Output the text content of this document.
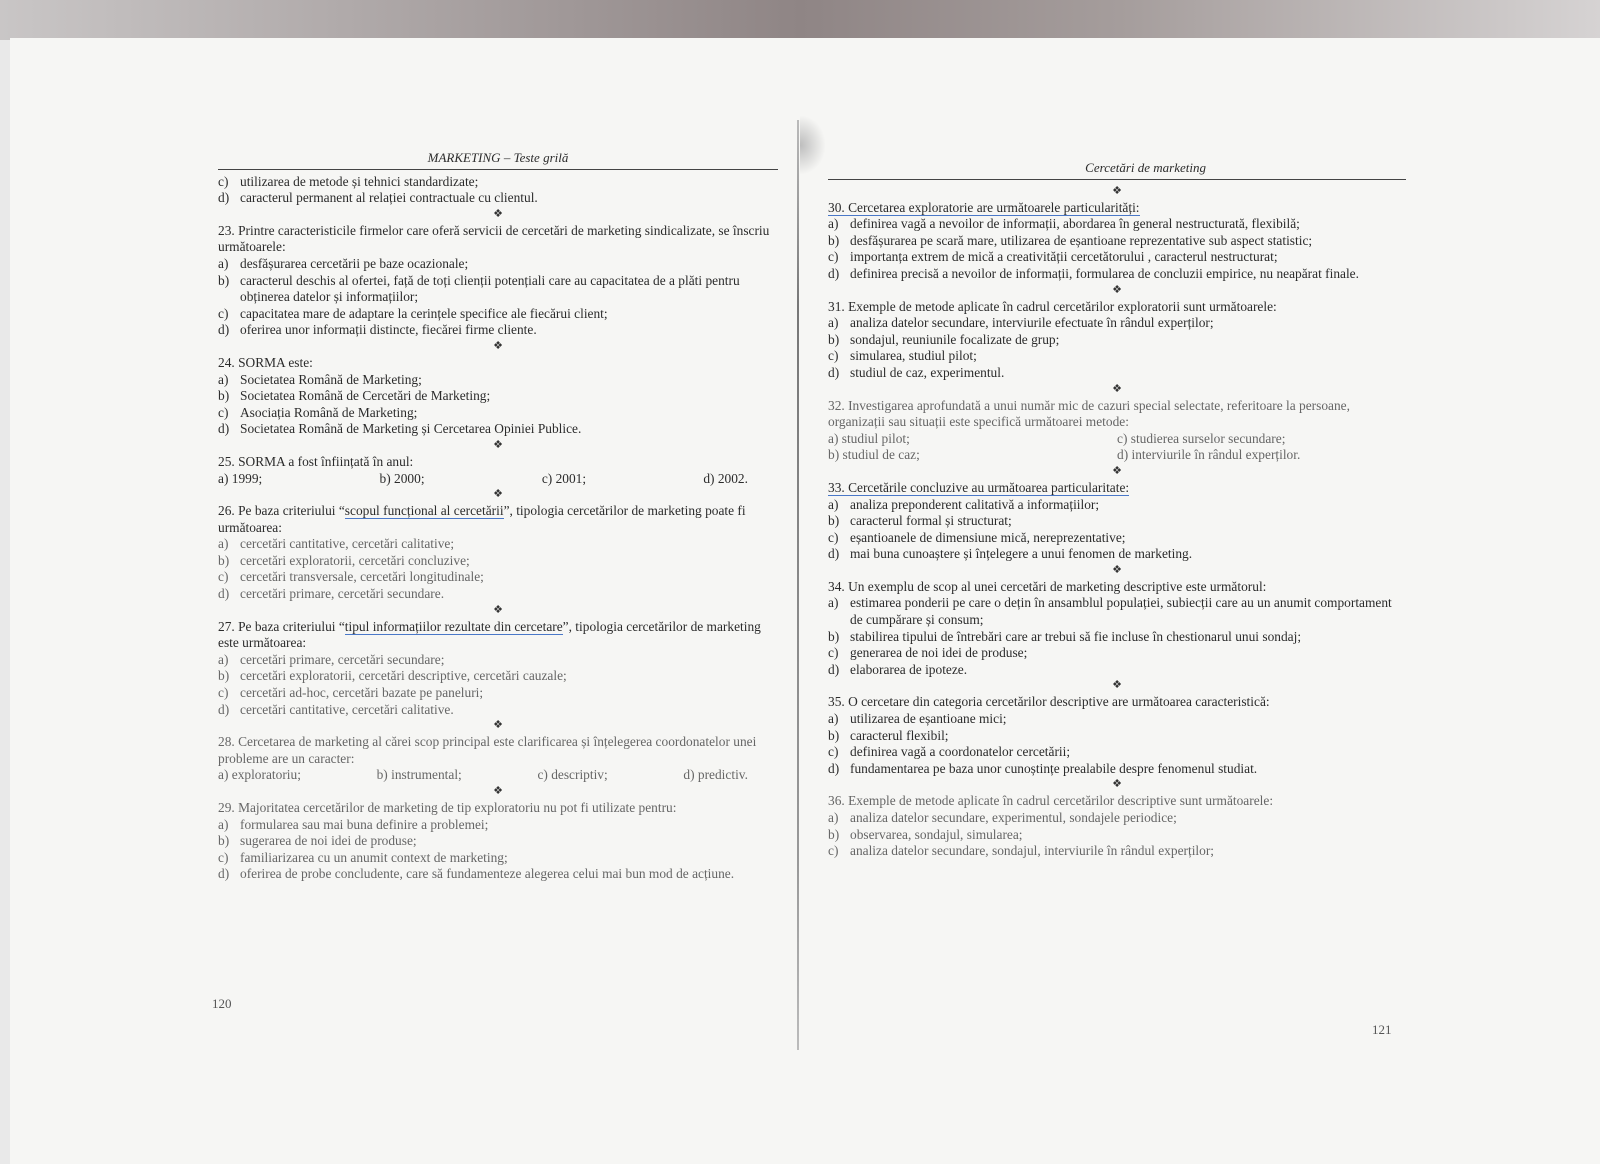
MARKETING – Teste grilă
c) utilizarea de metode și tehnici standardizate;
d) caracterul permanent al relației contractuale cu clientul.
❖
23. Printre caracteristicile firmelor care oferă servicii de cercetări de marketing sindicalizate, se înscriu următoarele:
a) desfășurarea cercetării pe baze ocazionale;
b) caracterul deschis al ofertei, față de toți clienții potențiali care au capacitatea de a plăti pentru obținerea datelor și informațiilor;
c) capacitatea mare de adaptare la cerințele specifice ale fiecărui client;
d) oferirea unor informații distincte, fiecărei firme cliente.
❖
24. SORMA este:
a) Societatea Română de Marketing;
b) Societatea Română de Cercetări de Marketing;
c) Asociația Română de Marketing;
d) Societatea Română de Marketing și Cercetarea Opiniei Publice.
❖
25. SORMA a fost înființată în anul:
a) 1999;	b) 2000;	c) 2001;	d) 2002.
❖
26. Pe baza criteriului “scopul funcțional al cercetării”, tipologia cercetărilor de marketing poate fi următoarea:
a) cercetări cantitative, cercetări calitative;
b) cercetări exploratorii, cercetări concluzive;
c) cercetări transversale, cercetări longitudinale;
d) cercetări primare, cercetări secundare.
❖
27. Pe baza criteriului “tipul informațiilor rezultate din cercetare”, tipologia cercetărilor de marketing este următoarea:
a) cercetări primare, cercetări secundare;
b) cercetări exploratorii, cercetări descriptive, cercetări cauzale;
c) cercetări ad-hoc, cercetări bazate pe paneluri;
d) cercetări cantitative, cercetări calitative.
❖
28. Cercetarea de marketing al cărei scop principal este clarificarea și înțelegerea coordonatelor unei probleme are un caracter:
a) exploratoriu;	b) instrumental;	c) descriptiv;	d) predictiv.
❖
29. Majoritatea cercetărilor de marketing de tip exploratoriu nu pot fi utilizate pentru:
a) formularea sau mai buna definire a problemei;
b) sugerarea de noi idei de produse;
c) familiarizarea cu un anumit context de marketing;
d) oferirea de probe concludente, care să fundamenteze alegerea celui mai bun mod de acțiune.
120
Cercetări de marketing
❖
30. Cercetarea exploratorie are următoarele particularități:
a) definirea vagă a nevoilor de informații, abordarea în general nestructurată, flexibilă;
b) desfășurarea pe scară mare, utilizarea de eșantioane reprezentative sub aspect statistic;
c) importanța extrem de mică a creativității cercetătorului , caracterul nestructurat;
d) definirea precisă a nevoilor de informații, formularea de concluzii empirice, nu neapărat finale.
❖
31. Exemple de metode aplicate în cadrul cercetărilor exploratorii sunt următoarele:
a) analiza datelor secundare, interviurile efectuate în rândul experților;
b) sondajul, reuniunile focalizate de grup;
c) simularea, studiul pilot;
d) studiul de caz, experimentul.
❖
32. Investigarea aprofundată a unui număr mic de cazuri special selectate, referitoare la persoane, organizații sau situații este specifică următoarei metode:
a) studiul pilot;	c) studierea surselor secundare;
b) studiul de caz;	d) interviurile în rândul experților.
❖
33. Cercetările concluzive au următoarea particularitate:
a) analiza preponderent calitativă a informațiilor;
b) caracterul formal și structurat;
c) eșantioanele de dimensiune mică, nereprezentative;
d) mai buna cunoaștere și înțelegere a unui fenomen de marketing.
❖
34. Un exemplu de scop al unei cercetări de marketing descriptive este următorul:
a) estimarea ponderii pe care o dețin în ansamblul populației, subiecții care au un anumit comportament de cumpărare și consum;
b) stabilirea tipului de întrebări care ar trebui să fie incluse în chestionarul unui sondaj;
c) generarea de noi idei de produse;
d) elaborarea de ipoteze.
❖
35. O cercetare din categoria cercetărilor descriptive are următoarea caracteristică:
a) utilizarea de eșantioane mici;
b) caracterul flexibil;
c) definirea vagă a coordonatelor cercetării;
d) fundamentarea pe baza unor cunoștințe prealabile despre fenomenul studiat.
❖
36. Exemple de metode aplicate în cadrul cercetărilor descriptive sunt următoarele:
a) analiza datelor secundare, experimentul, sondajele periodice;
b) observarea, sondajul, simularea;
c) analiza datelor secundare, sondajul, interviurile în rândul experților;
121
